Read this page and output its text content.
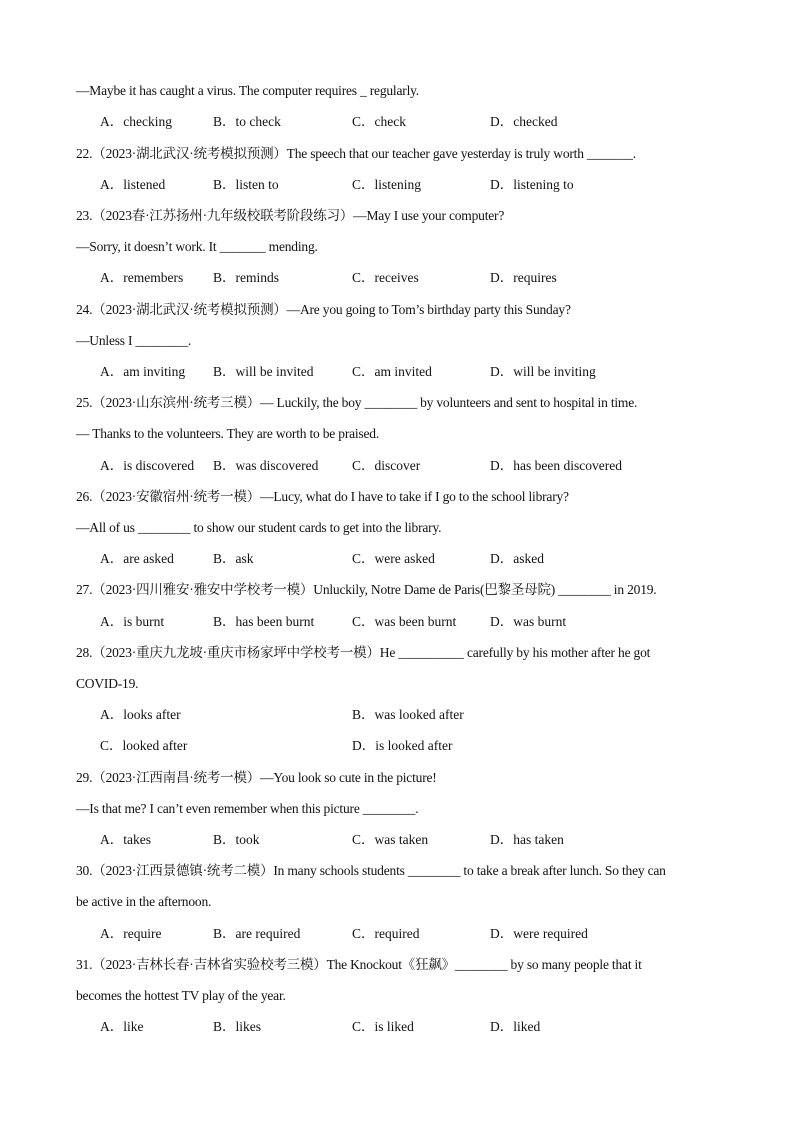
—Maybe it has caught a virus. The computer requires _ regularly.
A．checking	B．to check	C．check	D．checked
22.（2023·湖北武汉·统考模拟预测）The speech that our teacher gave yesterday is truly worth _______.
A．listened	B．listen to	C．listening	D．listening to
23.（2023春·江苏扬州·九年级校联考阶段练习）—May I use your computer?
—Sorry, it doesn’t work. It _______ mending.
A．remembers B．reminds	C．receives	D．requires
24.（2023·湖北武汉·统考模拟预测）—Are you going to Tom’s birthday party this Sunday?
—Unless I ________.
A．am inviting B．will be invited	C．am invited	D．will be inviting
25.（2023·山东滨州·统考三模）— Luckily, the boy ________ by volunteers and sent to hospital in time.
— Thanks to the volunteers. They are worth to be praised.
A．is discovered B．was discovered C．discover	D．has been discovered
26.（2023·安徽宿州·统考一模）—Lucy, what do I have to take if I go to the school library?
—All of us ________ to show our student cards to get into the library.
A．are asked	B．ask	C．were asked	D．asked
27.（2023·四川雅安·雅安中学校考一模）Unluckily, Notre Dame de Paris(巴黎圣母院) ________ in 2019.
A．is burnt	B．has been burnt	C．was been burnt	D．was burnt
28.（2023·重庆九龙坡·重庆市杨家坪中学校考一模）He __________ carefully by his mother after he got
COVID-19.
A．looks after	B．was looked after
C．looked after	D．is looked after
29.（2023·江西南昌·统考一模）—You look so cute in the picture!
—Is that me? I can’t even remember when this picture ________.
A．takes	B．took	C．was taken	D．has taken
30.（2023·江西景德镇·统考二模）In many schools students ________ to take a break after lunch. So they can
be active in the afternoon.
A．require	B．are required	C．required	D．were required
31.（2023·吉林长春·吉林省实验校考三模）The Knockout《狂飙》________ by so many people that it
becomes the hottest TV play of the year.
A．like	B．likes	C．is liked	D．liked
